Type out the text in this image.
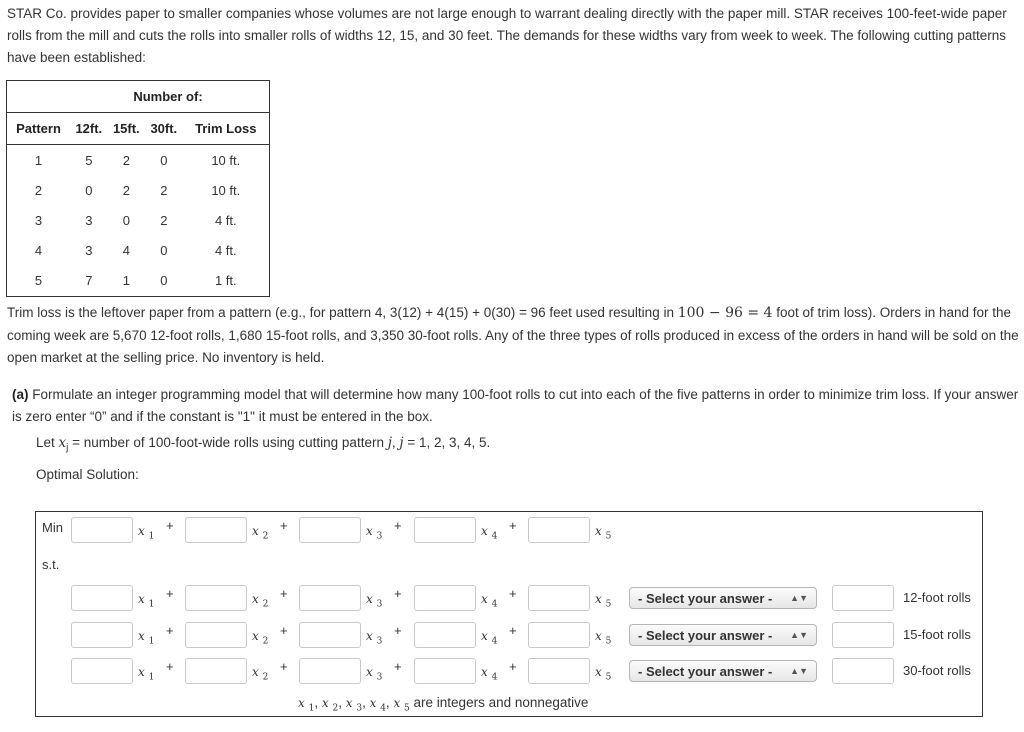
STAR Co. provides paper to smaller companies whose volumes are not large enough to warrant dealing directly with the paper mill. STAR receives 100-feet-wide paper rolls from the mill and cuts the rolls into smaller rolls of widths 12, 15, and 30 feet. The demands for these widths vary from week to week. The following cutting patterns have been established:

Number of:				
Pattern	12ft.	15ft.	30ft.	Trim Loss
1	5	2	0	10 ft.
2	0	2	2	10 ft.
3	3	0	2	4 ft.
4	3	4	0	4 ft.
5	7	1	0	1 ft.

Trim loss is the leftover paper from a pattern (e.g., for pattern 4, 3(12) + 4(15) + 0(30) = 96 feet used resulting in 100 − 96 = 4 foot of trim loss). Orders in hand for the coming week are 5,670 12-foot rolls, 1,680 15-foot rolls, and 3,350 30-foot rolls. Any of the three types of rolls produced in excess of the orders in hand will be sold on the open market at the selling price. No inventory is held.

(a) Formulate an integer programming model that will determine how many 100-foot rolls to cut into each of the five patterns in order to minimize trim loss. If your answer is zero enter “0” and if the constant is "1" it must be entered in the box.
Let $x_j$ = number of 100-foot-wide rolls using cutting pattern j, j = 1, 2, 3, 4, 5.
Optimal Solution:
Min
s.t.
x $_1$
+	x $_2$
+	x $_3$
+	x $_4$
+	x $_5$
x $_1$
+	x $_2$
+	x $_3$
+	x $_4$
+	x $_5$ - Select your answer - ▲▼	12-foot rolls
x $_1$
+	x $_2$
+	x $_3$
+	x $_4$
+	x $_5$ - Select your answer - ▲▼	15-foot rolls
x $_1$
+	x $_2$
+	x $_3$
+	x $_4$
+	x $_5$ - Select your answer - ▲▼	30-foot rolls
x $_1$, x $_2$, x $_3$, x $_4$, x $_5$ are integers and nonnegative
